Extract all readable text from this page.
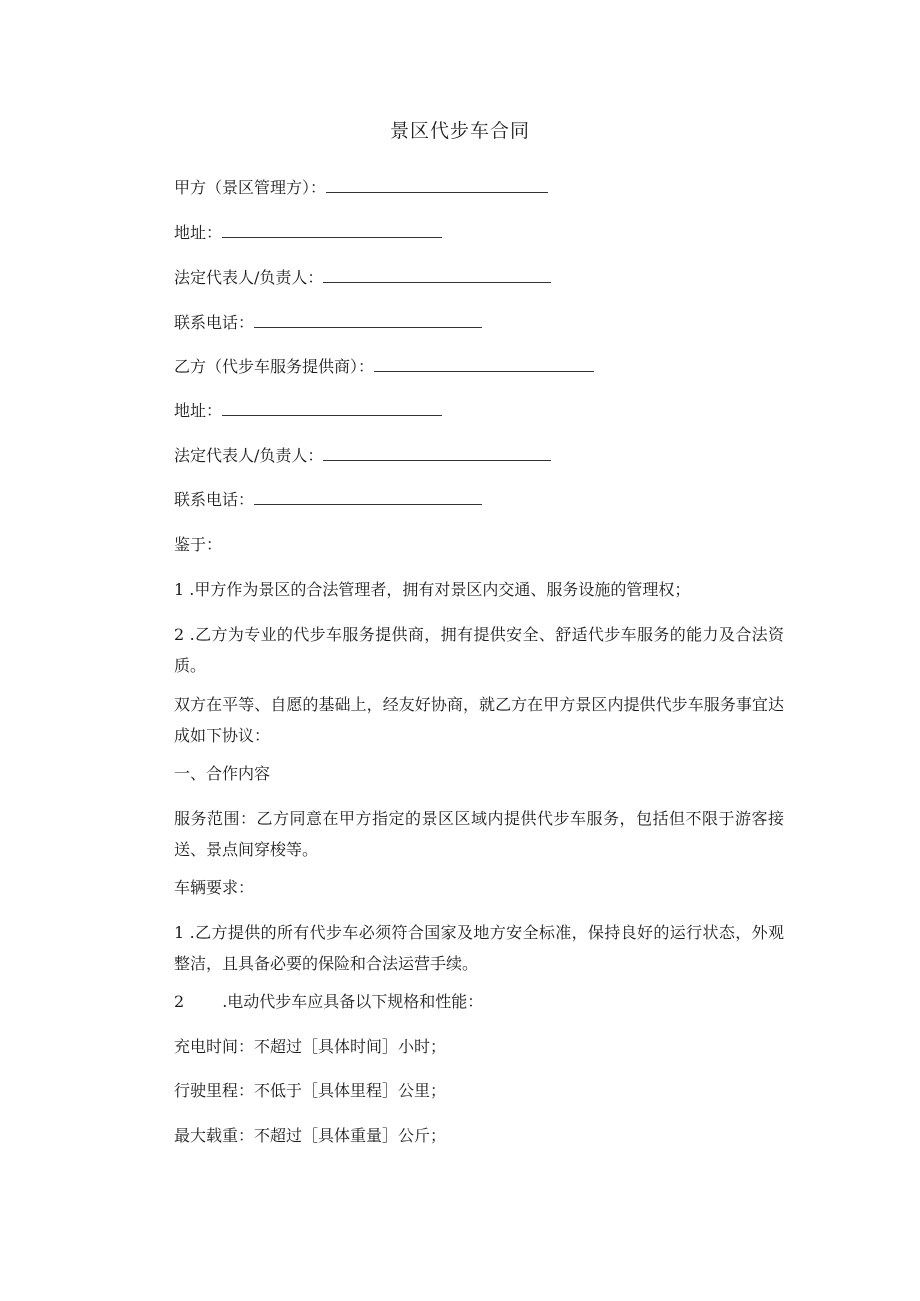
景区代步车合同
甲方（景区管理方）：
地址：
法定代表人/负责人：
联系电话：
乙方（代步车服务提供商）：
地址：
法定代表人/负责人：
联系电话：
鉴于：
1 .甲方作为景区的合法管理者，拥有对景区内交通、服务设施的管理权；
2 .乙方为专业的代步车服务提供商，拥有提供安全、舒适代步车服务的能力及合法资质。
双方在平等、自愿的基础上，经友好协商，就乙方在甲方景区内提供代步车服务事宜达成如下协议：
一、合作内容
服务范围：乙方同意在甲方指定的景区区域内提供代步车服务，包括但不限于游客接送、景点间穿梭等。
车辆要求：
1 .乙方提供的所有代步车必须符合国家及地方安全标准，保持良好的运行状态，外观整洁，且具备必要的保险和合法运营手续。
2 .电动代步车应具备以下规格和性能：
充电时间：不超过［具体时间］小时；
行驶里程：不低于［具体里程］公里；
最大载重：不超过［具体重量］公斤；
